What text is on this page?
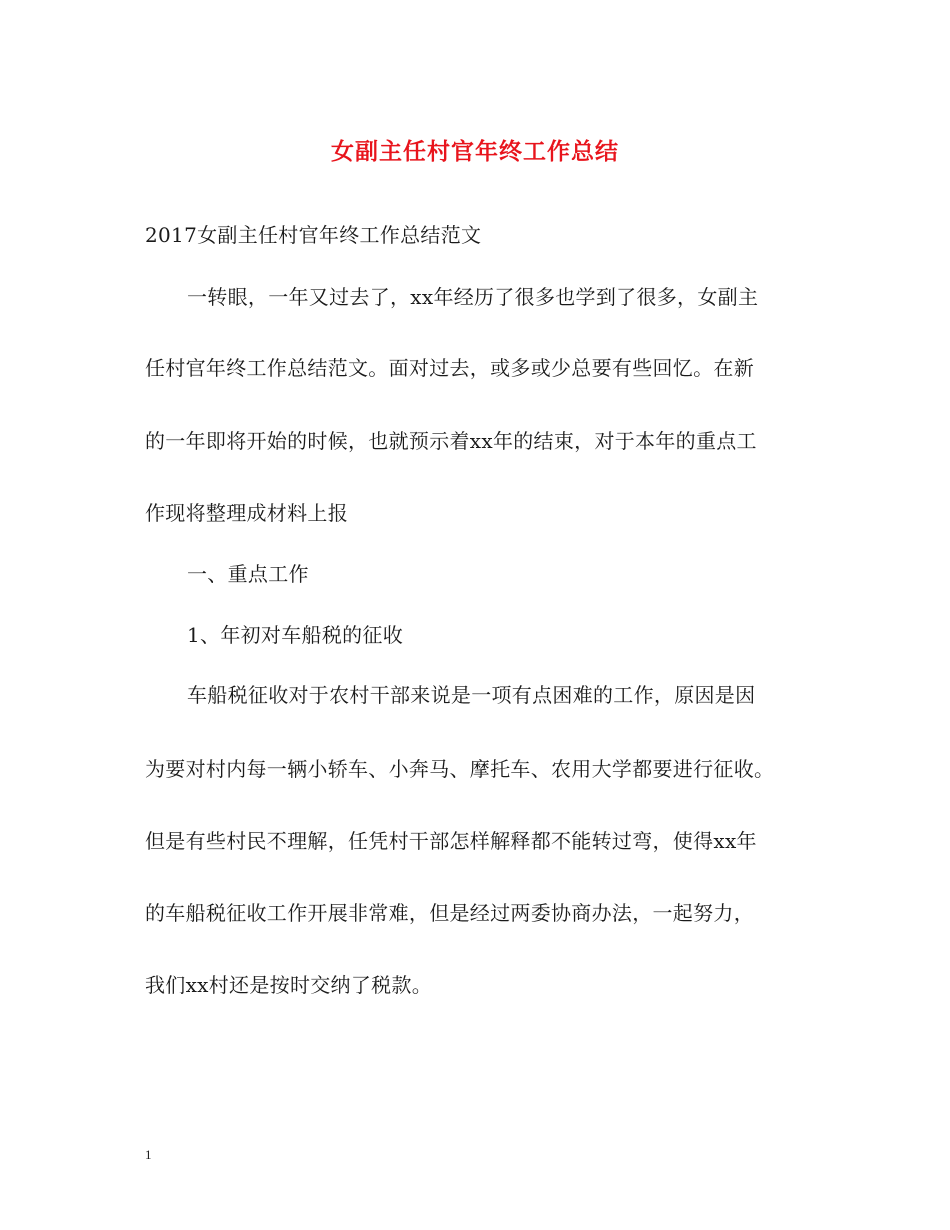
女副主任村官年终工作总结
2017女副主任村官年终工作总结范文
一转眼，一年又过去了，xx年经历了很多也学到了很多，女副主
任村官年终工作总结范文。面对过去，或多或少总要有些回忆。在新
的一年即将开始的时候，也就预示着xx年的结束，对于本年的重点工
作现将整理成材料上报
一、重点工作
1、年初对车船税的征收
车船税征收对于农村干部来说是一项有点困难的工作，原因是因
为要对村内每一辆小轿车、小奔马、摩托车、农用大学都要进行征收。
但是有些村民不理解，任凭村干部怎样解释都不能转过弯，使得xx年
的车船税征收工作开展非常难，但是经过两委协商办法，一起努力，
我们xx村还是按时交纳了税款。
1
